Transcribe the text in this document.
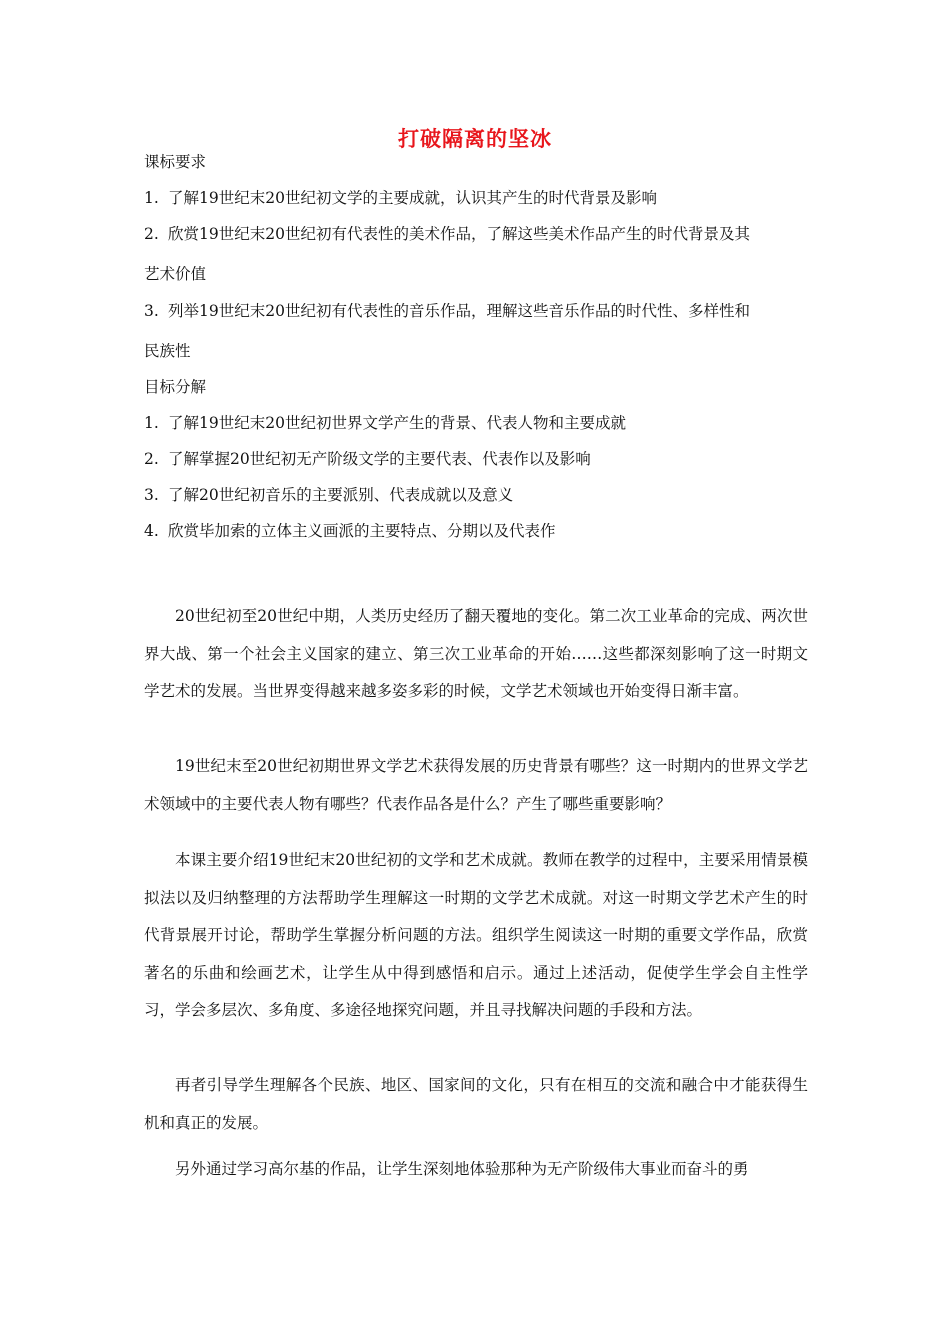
打破隔离的坚冰
课标要求
1. 了解19世纪末20世纪初文学的主要成就，认识其产生的时代背景及影响
2. 欣赏19世纪末20世纪初有代表性的美术作品，了解这些美术作品产生的时代背景及其
艺术价值
3. 列举19世纪末20世纪初有代表性的音乐作品，理解这些音乐作品的时代性、多样性和
民族性
目标分解
1. 了解19世纪末20世纪初世界文学产生的背景、代表人物和主要成就
2. 了解掌握20世纪初无产阶级文学的主要代表、代表作以及影响
3. 了解20世纪初音乐的主要派别、代表成就以及意义
4. 欣赏毕加索的立体主义画派的主要特点、分期以及代表作

20世纪初至20世纪中期，人类历史经历了翻天覆地的变化。第二次工业革命的完成、两次世界大战、第一个社会主义国家的建立、第三次工业革命的开始……这些都深刻影响了这一时期文学艺术的发展。当世界变得越来越多姿多彩的时候，文学艺术领域也开始变得日渐丰富。

19世纪末至20世纪初期世界文学艺术获得发展的历史背景有哪些？这一时期内的世界文学艺术领域中的主要代表人物有哪些？代表作品各是什么？产生了哪些重要影响？

本课主要介绍19世纪末20世纪初的文学和艺术成就。教师在教学的过程中，主要采用情景模拟法以及归纳整理的方法帮助学生理解这一时期的文学艺术成就。对这一时期文学艺术产生的时代背景展开讨论，帮助学生掌握分析问题的方法。组织学生阅读这一时期的重要文学作品，欣赏著名的乐曲和绘画艺术，让学生从中得到感悟和启示。通过上述活动，促使学生学会自主性学习，学会多层次、多角度、多途径地探究问题，并且寻找解决问题的手段和方法。

再者引导学生理解各个民族、地区、国家间的文化，只有在相互的交流和融合中才能获得生机和真正的发展。

另外通过学习高尔基的作品，让学生深刻地体验那种为无产阶级伟大事业而奋斗的勇
